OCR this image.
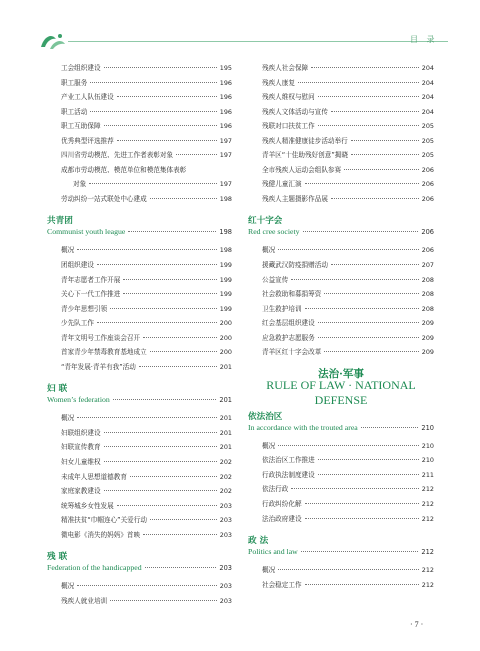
目 录
工会组织建设	195
职工服务	196
产业工人队伍建设	196
职工活动	196
职工互助保障	196
优秀典型评选推荐	197
四川省劳动模范、先进工作者表彰对象	197
成都市劳动模范、模范单位和模范集体表彰
对象	197
劳动纠纷一站式联处中心建成	198
共青团
Communist youth league	198
概况	198
团组织建设	199
青年志愿者工作开展	199
关心下一代工作推进	199
青少年思想引领	199
少先队工作	200
青年文明号工作座谈会召开	200
首家青少年禁毒教育基地成立	200
“青年发展·青羊有我”活动	201
妇 联
Women’s federation	201
概况	201
妇联组织建设	201
妇联宣传教育	201
妇女儿童维权	202
未成年人思想道德教育	202
家庭家教建设	202
统筹城乡女性发展	203
精准扶贫“巾帼连心”关爱行动	203
微电影《消失的妈妈》首映	203
残 联
Federation of the handicapped	203
概况	203
残疾人就业培训	203
残疾人社会保障	204
残疾人康复	204
残疾人维权与慰问	204
残疾人文体活动与宣传	204
残联对口扶贫工作	205
残疾人精准健康徒步活动举行	205
青羊区“十佳助残好创意”揭晓	205
全市残疾人运动会组队参赛	206
残健儿童汇演	206
残疾人主题摄影作品展	206
红十字会
Red cree society	206
概况	206
援藏武汉防疫捐赠活动	207
公益宣传	208
社会救助和募捐筹资	208
卫生救护培训	208
红会基层组织建设	209
应急救护志愿服务	209
青羊区红十字会改革	209
法治·军事
RULE OF LAW · NATIONAL DEFENSE
依法治区
In accordance with the trouted area	210
概况	210
依法治区工作推进	210
行政执法制度建设	211
依法行政	212
行政纠纷化解	212
法治政府建设	212
政 法
Politics and law	212
概况	212
社会稳定工作	212
· 7 ·
